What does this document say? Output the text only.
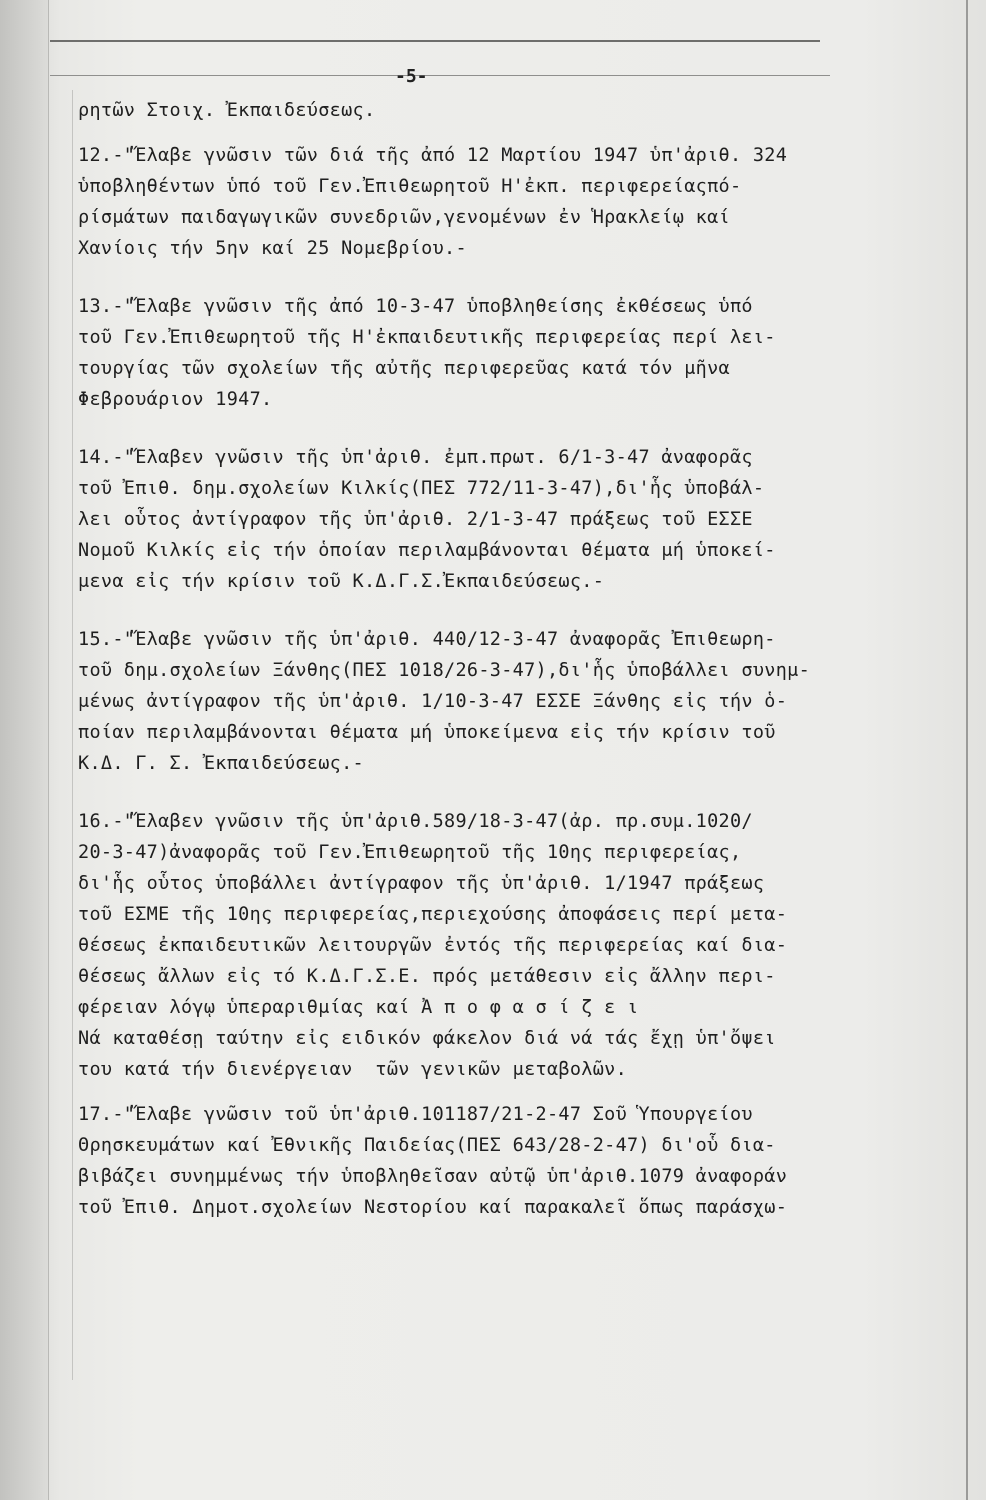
-5-
ρητῶν Στοιχ. Ἐκπαιδεύσεως.
12.-"Ἔλαβε γνῶσιν τῶν διά τῆς ἀπό 12 Μαρτίου 1947 ὑπ'ἀριθ. 324
ὑποβληθέντων ὑπό τοῦ Γεν.Ἐπιθεωρητοῦ Η'ἐκπ. περιφερείαςπό-
ρίσμάτων παιδαγωγικῶν συνεδριῶν,γενομένων ἐν Ἡρακλείῳ καί
Χανίοις τήν 5ην καί 25 Νομεβρίου.-
13.-"Ἔλαβε γνῶσιν τῆς ἀπό 10-3-47 ὑποβληθείσης ἐκθέσεως ὑπό
τοῦ Γεν.Ἐπιθεωρητοῦ τῆς Η'ἐκπαιδευτικῆς περιφερείας περί λει-
τουργίας τῶν σχολείων τῆς αὐτῆς περιφερεῦας κατά τόν μῆνα
Φεβρουάριον 1947.
14.-"Ἔλαβεν γνῶσιν τῆς ὑπ'ἀριθ. ἐμπ.πρωτ. 6/1-3-47 ἀναφορᾶς
τοῦ Ἐπιθ. δημ.σχολείων Κιλκίς(ΠΕΣ 772/11-3-47),δι'ἧς ὑποβάλ-
λει οὗτος ἀντίγραφον τῆς ὑπ'ἀριθ. 2/1-3-47 πράξεως τοῦ ΕΣΣΕ
Νομοῦ Κιλκίς εἰς τήν ὁποίαν περιλαμβάνονται θέματα μή ὑποκεί-
μενα εἰς τήν κρίσιν τοῦ Κ.Δ.Γ.Σ.Ἐκπαιδεύσεως.-
15.-"Ἔλαβε γνῶσιν τῆς ὑπ'ἀριθ. 440/12-3-47 ἀναφορᾶς Ἐπιθεωρη-
τοῦ δημ.σχολείων Ξάνθης(ΠΕΣ 1018/26-3-47),δι'ἧς ὑποβάλλει συνημ-
μένως ἀντίγραφον τῆς ὑπ'ἀριθ. 1/10-3-47 ΕΣΣΕ Ξάνθης εἰς τήν ὁ-
ποίαν περιλαμβάνονται θέματα μή ὑποκείμενα εἰς τήν κρίσιν τοῦ
Κ.Δ. Γ. Σ. Ἐκπαιδεύσεως.-
16.-"Ἔλαβεν γνῶσιν τῆς ὑπ'ἀριθ.589/18-3-47(ἀρ. πρ.συμ.1020/
20-3-47)ἀναφορᾶς τοῦ Γεν.Ἐπιθεωρητοῦ τῆς 10ης περιφερείας,
δι'ἧς οὗτος ὑποβάλλει ἀντίγραφον τῆς ὑπ'ἀριθ. 1/1947 πράξεως
τοῦ ΕΣΜΕ τῆς 10ης περιφερείας,περιεχούσης ἀποφάσεις περί μετα-
θέσεως ἐκπαιδευτικῶν λειτουργῶν ἐντός τῆς περιφερείας καί δια-
θέσεως ἄλλων εἰς τό Κ.Δ.Γ.Σ.Ε. πρός μετάθεσιν εἰς ἄλλην περι-
φέρειαν λόγῳ ὑπεραριθμίας καί Ἀ π ο φ α σ ί ζ ε ι
Νά καταθέσῃ ταύτην εἰς ειδικόν φάκελον διά νά τάς ἔχῃ ὑπ'ὄψει
του κατά τήν διενέργειαν  τῶν γενικῶν μεταβολῶν.
17.-"Ἔλαβε γνῶσιν τοῦ ὑπ'ἀριθ.101187/21-2-47 Σοῦ Ὑπουργείου
Θρησκευμάτων καί Ἐθνικῆς Παιδείας(ΠΕΣ 643/28-2-47) δι'οὗ δια-
βιβάζει συνημμένως τήν ὑποβληθεῖσαν αὐτῷ ὑπ'ἀριθ.1079 ἀναφοράν
τοῦ Ἐπιθ. Δημοτ.σχολείων Νεστορίου καί παρακαλεῖ ὅπως παράσχω-
